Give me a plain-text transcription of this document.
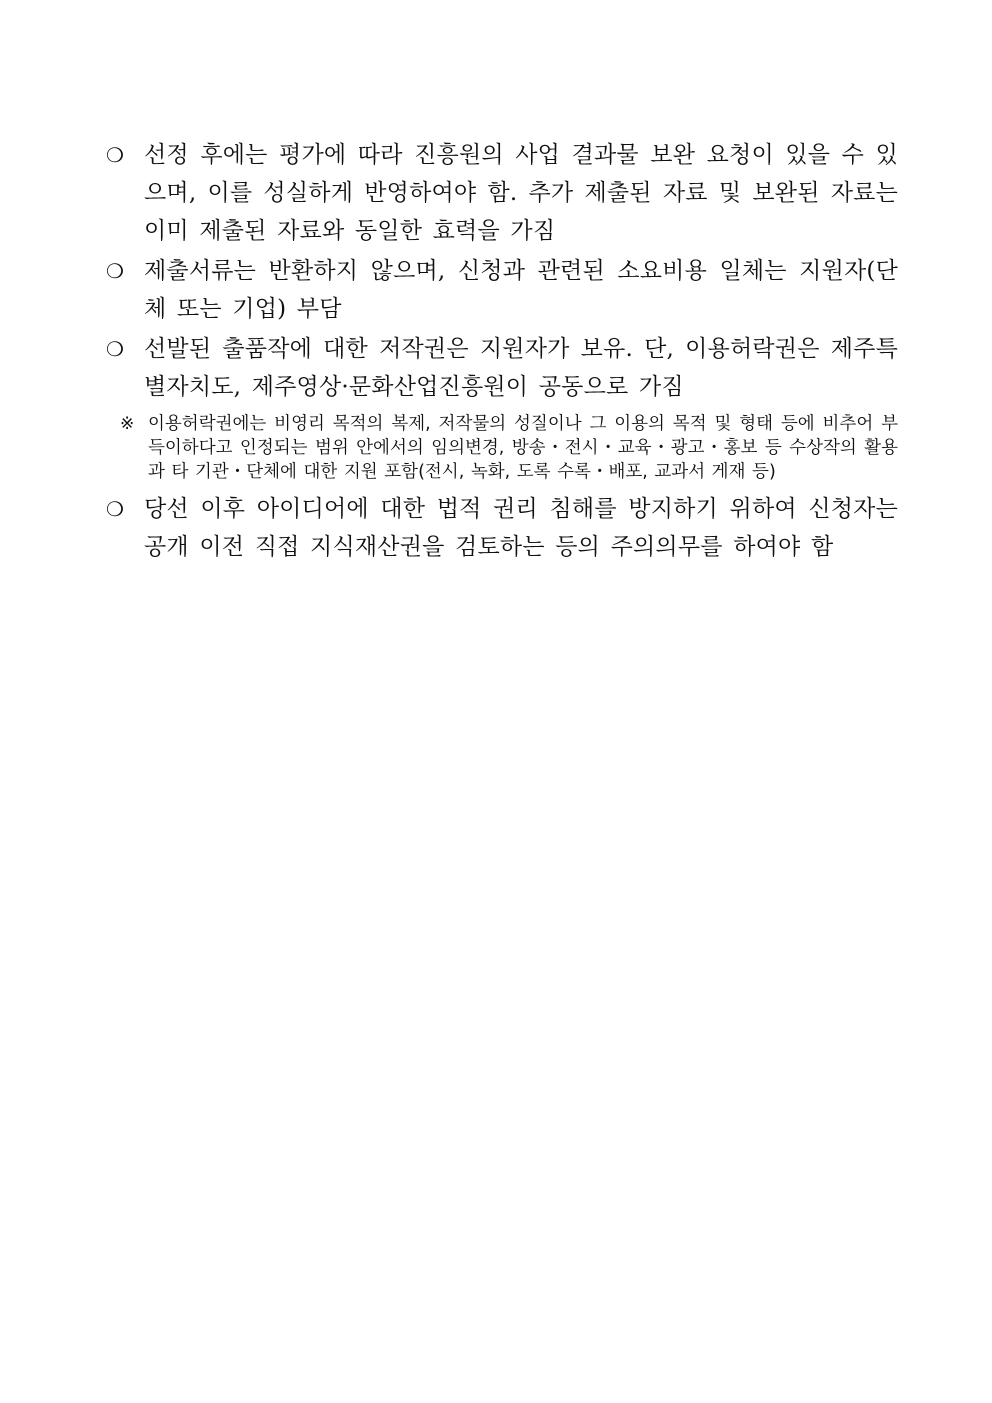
❍ 선정 후에는 평가에 따라 진흥원의 사업 결과물 보완 요청이 있을 수 있으며, 이를 성실하게 반영하여야 함. 추가 제출된 자료 및 보완된 자료는 이미 제출된 자료와 동일한 효력을 가짐
❍ 제출서류는 반환하지 않으며, 신청과 관련된 소요비용 일체는 지원자(단체 또는 기업) 부담
❍ 선발된 출품작에 대한 저작권은 지원자가 보유. 단, 이용허락권은 제주특별자치도, 제주영상·문화산업진흥원이 공동으로 가짐
※ 이용허락권에는 비영리 목적의 복제, 저작물의 성질이나 그 이용의 목적 및 형태 등에 비추어 부득이하다고 인정되는 범위 안에서의 임의변경, 방송・전시・교육・광고・홍보 등 수상작의 활용과 타 기관・단체에 대한 지원 포함(전시, 녹화, 도록 수록・배포, 교과서 게재 등)
❍ 당선 이후 아이디어에 대한 법적 권리 침해를 방지하기 위하여 신청자는 공개 이전 직접 지식재산권을 검토하는 등의 주의의무를 하여야 함
